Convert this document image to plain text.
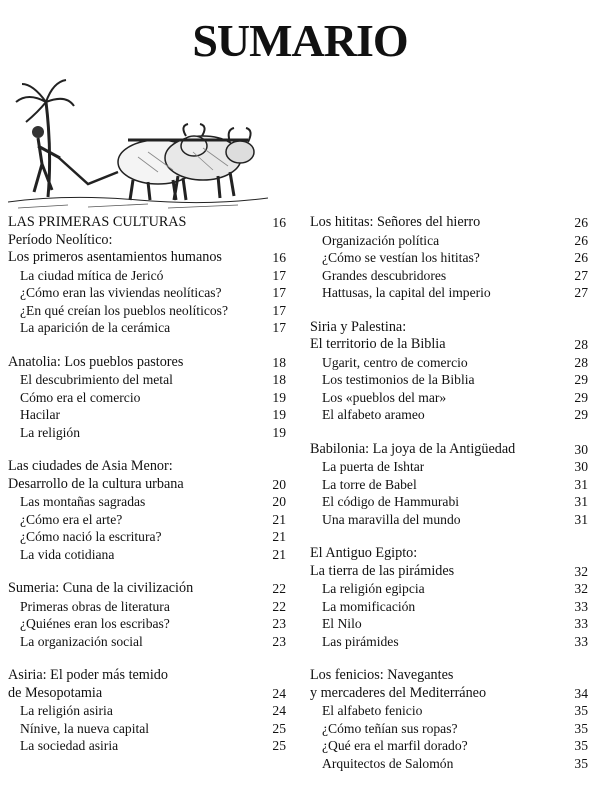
SUMARIO
LAS PRIMERAS CULTURAS	16
Período Neolítico:
Los primeros asentamientos humanos	16
La ciudad mítica de Jericó	17
¿Cómo eran las viviendas neolíticas?	17
¿En qué creían los pueblos neolíticos?	17
La aparición de la cerámica	17
Anatolia: Los pueblos pastores	18
El descubrimiento del metal	18
Cómo era el comercio	19
Hacilar	19
La religión	19
Las ciudades de Asia Menor:
Desarrollo de la cultura urbana	20
Las montañas sagradas	20
¿Cómo era el arte?	21
¿Cómo nació la escritura?	21
La vida cotidiana	21
Sumeria: Cuna de la civilización	22
Primeras obras de literatura	22
¿Quiénes eran los escribas?	23
La organización social	23
Asiria: El poder más temido
de Mesopotamia	24
La religión asiria	24
Nínive, la nueva capital	25
La sociedad asiria	25
Los hititas: Señores del hierro	26
Organización política	26
¿Cómo se vestían los hititas?	26
Grandes descubridores	27
Hattusas, la capital del imperio	27
Siria y Palestina:
El territorio de la Biblia	28
Ugarit, centro de comercio	28
Los testimonios de la Biblia	29
Los «pueblos del mar»	29
El alfabeto arameo	29
Babilonia: La joya de la Antigüedad	30
La puerta de Ishtar	30
La torre de Babel	31
El código de Hammurabi	31
Una maravilla del mundo	31
El Antiguo Egipto:
La tierra de las pirámides	32
La religión egipcia	32
La momificación	33
El Nilo	33
Las pirámides	33
Los fenicios: Navegantes
y mercaderes del Mediterráneo	34
El alfabeto fenicio	35
¿Cómo teñían sus ropas?	35
¿Qué era el marfil dorado?	35
Arquitectos de Salomón	35
